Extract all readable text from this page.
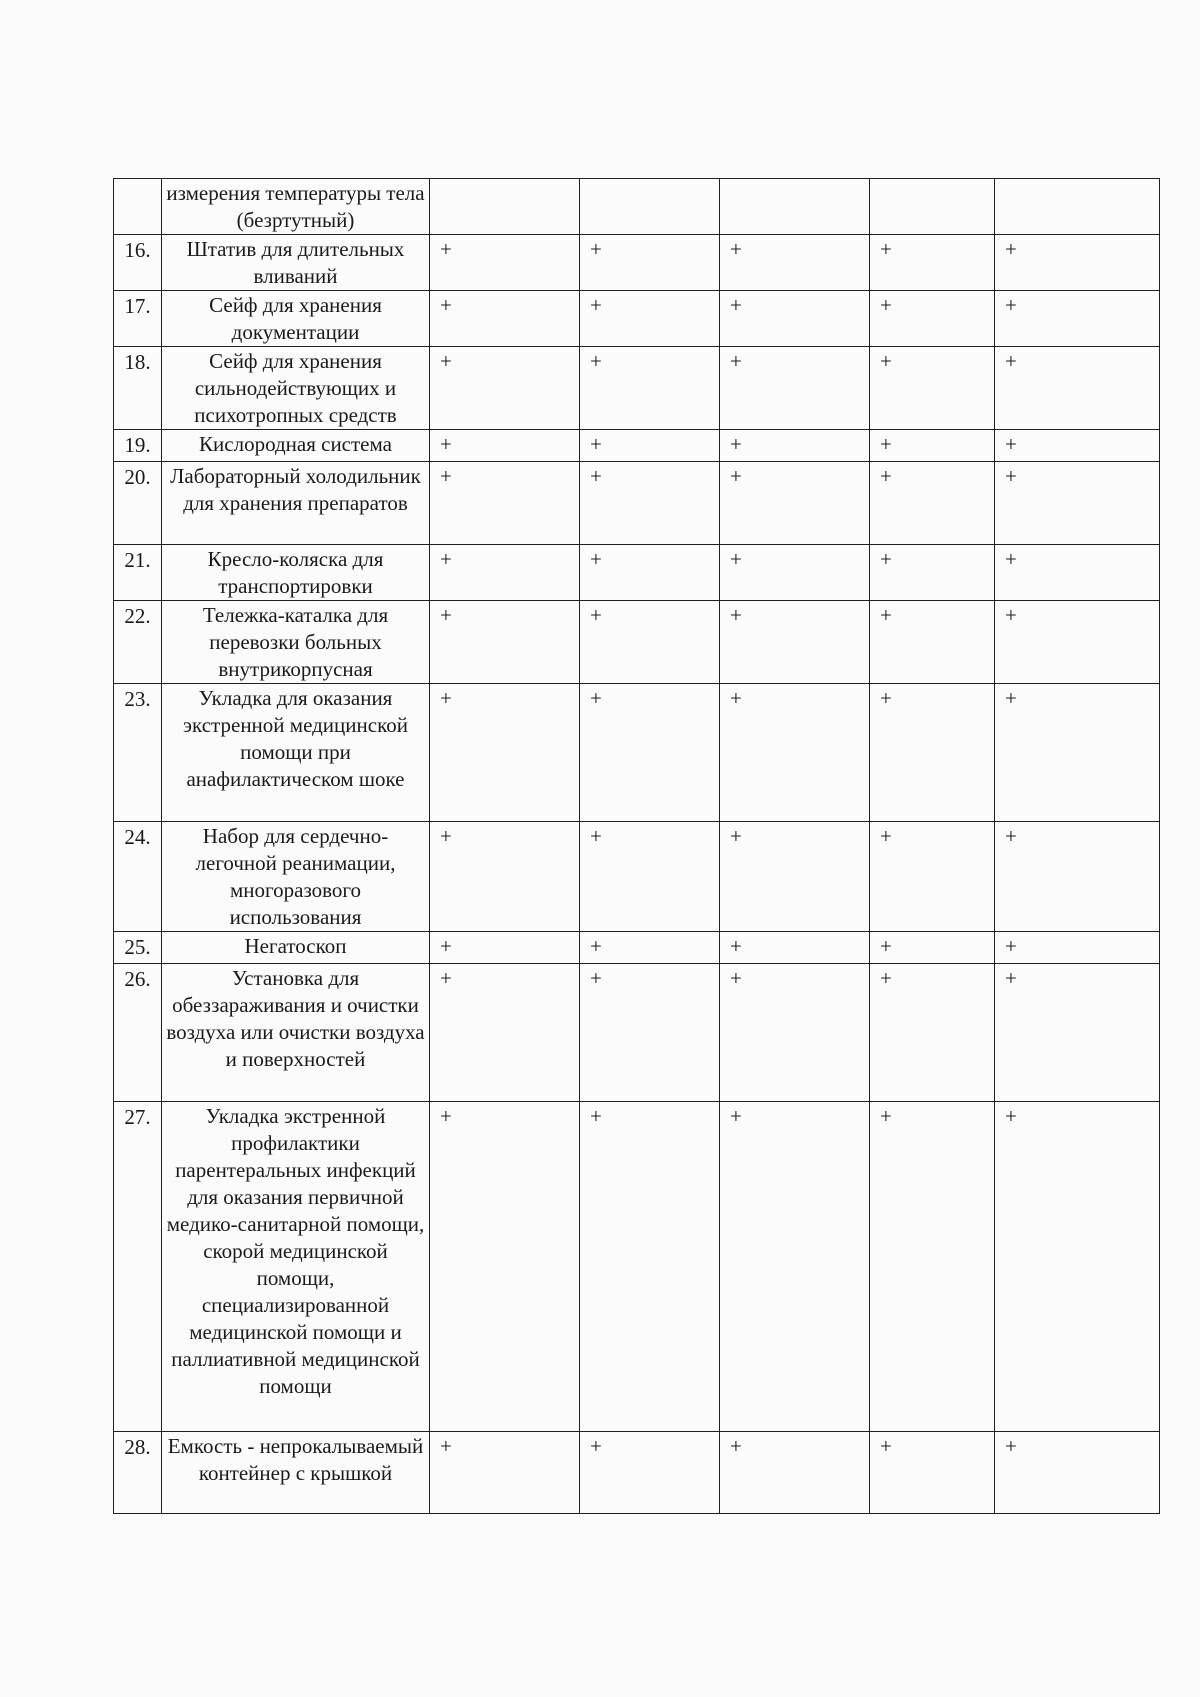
	измерения температуры тела (безртутный)					
16.	Штатив для длительных вливаний	+	+	+	+	+
17.	Сейф для хранения документации	+	+	+	+	+
18.	Сейф для хранения сильнодействующих и психотропных средств	+	+	+	+	+
19.	Кислородная система	+	+	+	+	+
20.	Лабораторный холодильник для хранения препаратов	+	+	+	+	+
21.	Кресло-коляска для транспортировки	+	+	+	+	+
22.	Тележка-каталка для перевозки больных внутрикорпусная	+	+	+	+	+
23.	Укладка для оказания экстренной медицинской помощи при анафилактическом шоке	+	+	+	+	+
24.	Набор для сердечно-легочной реанимации, многоразового использования	+	+	+	+	+
25.	Негатоскоп	+	+	+	+	+
26.	Установка для обеззараживания и очистки воздуха или очистки воздуха и поверхностей	+	+	+	+	+
27.	Укладка экстренной профилактики парентеральных инфекций для оказания первичной медико-санитарной помощи, скорой медицинской помощи, специализированной медицинской помощи и паллиативной медицинской помощи	+	+	+	+	+
28.	Емкость - непрокалываемый контейнер с крышкой	+	+	+	+	+
